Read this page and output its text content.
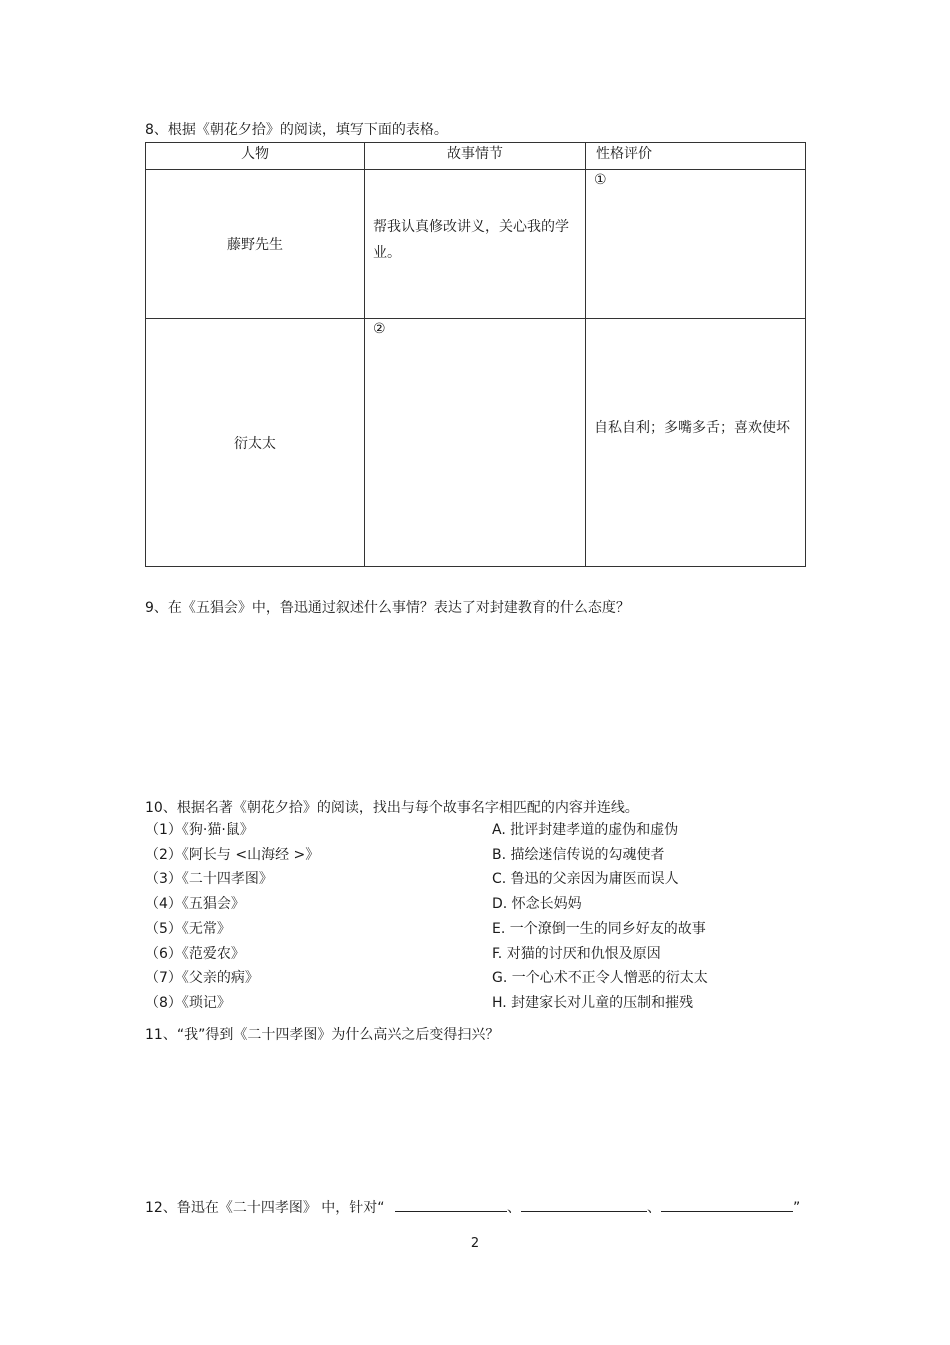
8、根据《朝花夕拾》的阅读，填写下面的表格。
人物	故事情节	性格评价
藤野先生	帮我认真修改讲义，关心我的学业。	①

衍太太	②	自私自利；多嘴多舌；喜欢使坏
9、在《五猖会》中，鲁迅通过叙述什么事情？表达了对封建教育的什么态度？
10、根据名著《朝花夕拾》的阅读，找出与每个故事名字相匹配的内容并连线。
（1）《狗·猫·鼠》
（2）《阿长与 <山海经 >》
（3）《二十四孝图》
（4）《五猖会》
（5）《无常》
（6）《范爱农》
（7）《父亲的病》
（8）《琐记》
A. 批评封建孝道的虚伪和虚伪
B. 描绘迷信传说的勾魂使者
C. 鲁迅的父亲因为庸医而误人
D. 怀念长妈妈
E. 一个潦倒一生的同乡好友的故事
F. 对猫的讨厌和仇恨及原因
G. 一个心术不正令人憎恶的衍太太
H. 封建家长对儿童的压制和摧残
11、“我”得到《二十四孝图》为什么高兴之后变得扫兴？
12、鲁迅在《二十四孝图》 中，针对“	、	、	”
2
